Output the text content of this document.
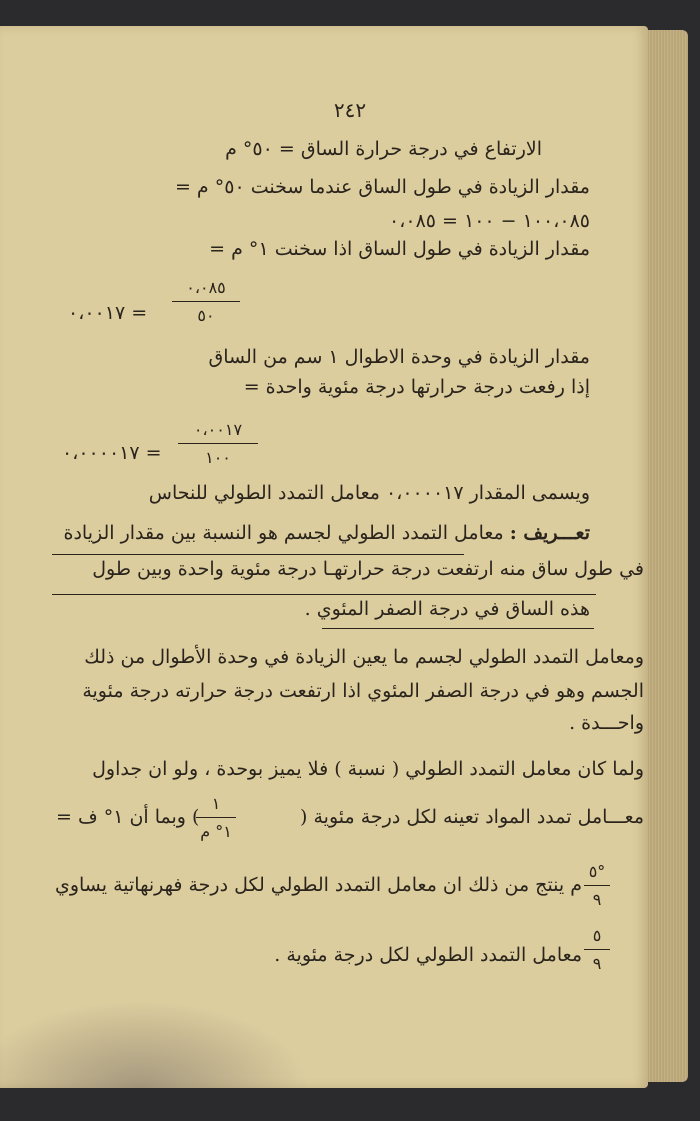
٢٤٢
الارتفاع في درجة حرارة الساق = ٥٠° م
مقدار الزيادة في طول الساق عندما سخنت ٥٠° م =
١٠٠،٠٨٥ − ١٠٠ = ٠،٠٨٥
مقدار الزيادة في طول الساق اذا سخنت ١° م =
٠،٠٨٥
٥٠
= ٠،٠٠١٧
مقدار الزيادة في وحدة الاطوال ١ سم من الساق
إذا رفعت درجة حرارتها درجة مئوية واحدة =
٠،٠٠١٧
١٠٠
= ٠،٠٠٠٠١٧
ويسمى المقدار ٠،٠٠٠٠١٧ معامل التمدد الطولي للنحاس
تعـــريف : معامل التمدد الطولي لجسم هو النسبة بين مقدار الزيادة
في طول ساق منه ارتفعت درجة حرارتهـا درجة مئوية واحدة وبين طول
هذه الساق في درجة الصفر المئوي .
ومعامل التمدد الطولي لجسم ما يعين الزيادة في وحدة الأطوال من ذلك
الجسم وهو في درجة الصفر المئوي اذا ارتفعت درجة حرارته درجة مئوية
واحـــدة .
ولما كان معامل التمدد الطولي ( نسبة ) فلا يميز بوحدة ، ولو ان جداول
معـــامل تمدد المواد تعينه لكل درجة مئوية (
١
١° م
) وبما أن ١° ف =
٥°
٩
م ينتج من ذلك ان معامل التمدد الطولي لكل درجة فهرنهاتية يساوي
٥
٩
معامل التمدد الطولي لكل درجة مئوية .
